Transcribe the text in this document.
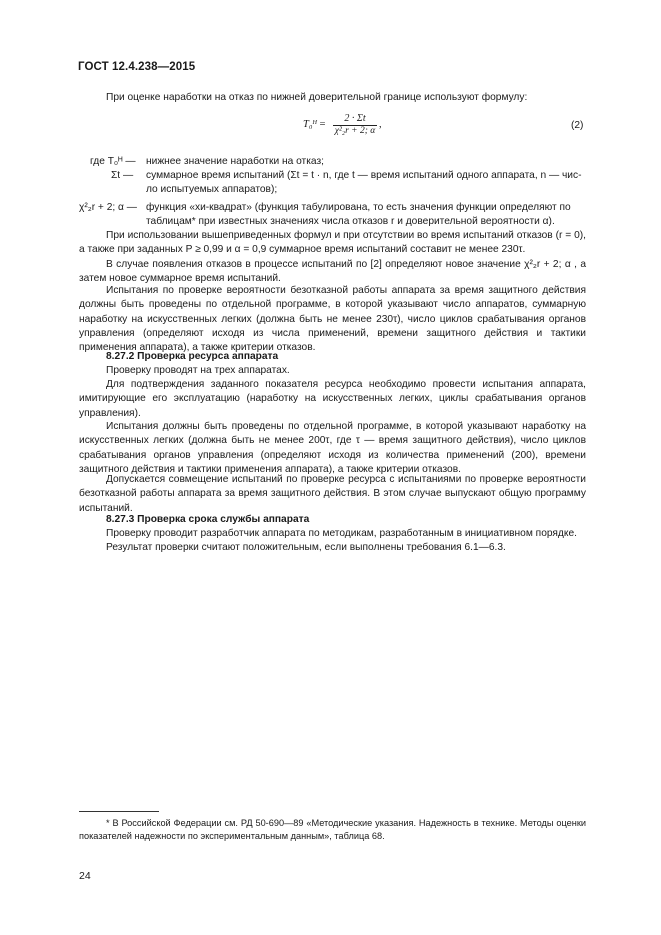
ГОСТ 12.4.238—2015
При оценке наработки на отказ по нижней доверительной границе используют формулу:
T₀ᴴ = $\frac{2 \cdot \Sigma t}{\text{χ²₂r + 2; α}}$ ,	(2)
где T₀ᴴ — нижнее значение наработки на отказ;
Σt — суммарное время испытаний (Σt = t · n, где t — время испытаний одного аппарата, n — чис-
ло испытуемых аппаратов);
χ²₂r + 2; α — функция «хи-квадрат» (функция табулирована, то есть значения функции определяют по
таблицам* при известных значениях числа отказов r и доверительной вероятности α).
При использовании вышеприведенных формул и при отсутствии во время испытаний отказов (r = 0), а также при заданных P ≥ 0,99 и α = 0,9 суммарное время испытаний составит не менее 230τ.
В случае появления отказов в процессе испытаний по [2] определяют новое значение χ²₂r + 2; α , а затем новое суммарное время испытаний.
Испытания по проверке вероятности безотказной работы аппарата за время защитного действия должны быть проведены по отдельной программе, в которой указывают число аппаратов, суммарную наработку на искусственных легких (должна быть не менее 230τ), число циклов срабатывания органов управления (определяют исходя из числа применений, времени защитного действия и тактики применения аппарата), а также критерии отказов.
8.27.2 Проверка ресурса аппарата
Проверку проводят на трех аппаратах.
Для подтверждения заданного показателя ресурса необходимо провести испытания аппарата, имитирующие его эксплуатацию (наработку на искусственных легких, циклы срабатывания органов управления).
Испытания должны быть проведены по отдельной программе, в которой указывают наработку на искусственных легких (должна быть не менее 200τ, где τ — время защитного действия), число циклов срабатывания органов управления (определяют исходя из количества применений (200), времени защитного действия и тактики применения аппарата), а также критерии отказов.
Допускается совмещение испытаний по проверке ресурса с испытаниями по проверке вероятности безотказной работы аппарата за время защитного действия. В этом случае выпускают общую программу испытаний.
8.27.3 Проверка срока службы аппарата
Проверку проводит разработчик аппарата по методикам, разработанным в инициативном порядке.
Результат проверки считают положительным, если выполнены требования 6.1—6.3.
* В Российской Федерации см. РД 50-690—89 «Методические указания. Надежность в технике. Методы оценки показателей надежности по экспериментальным данным», таблица 68.
24
